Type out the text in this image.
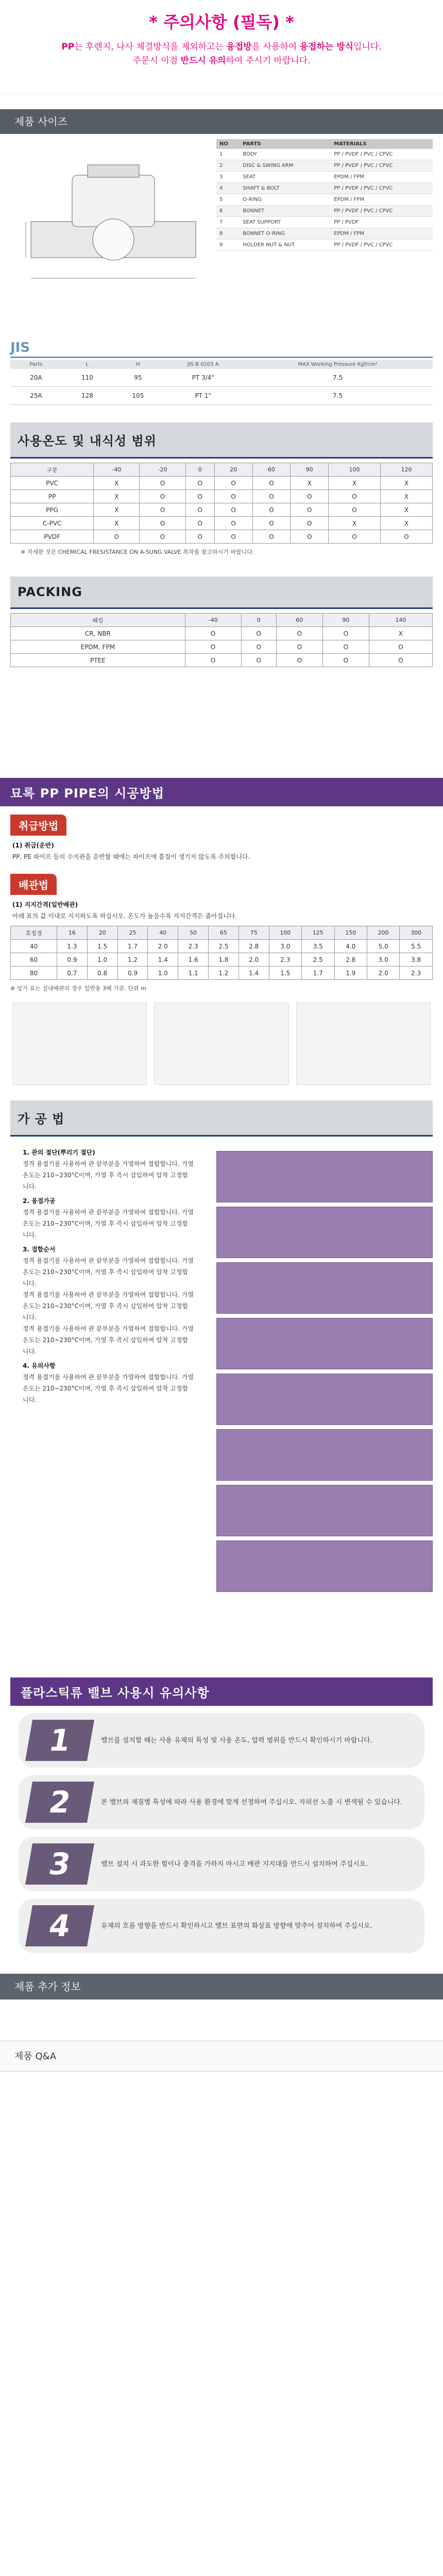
* 주의사항 (필독) *

PP는 후렌지, 나사 체결방식을 제외하고는 융접방을 사용하여 융접하는 방식입니다.

주문시 이점 반드시 유의하여 주시기 바랍니다.

제품 사이즈
NO	PARTS	MATERIALS
1	BODY	PP / PVDF / PVC / CPVC
2	DISC & SWING ARM	PP / PVDF / PVC / CPVC
3	SEAT	EPDM / FPM
4	SHAFT & BOLT	PP / PVDF / PVC / CPVC
5	O-RING	EPDM / FPM
6	BONNET	PP / PVDF / PVC / CPVC
7	SEAT SUPPORT	PP / PVDF
8	BONNET O-RING	EPDM / FPM
9	HOLDER NUT & NUT	PP / PVDF / PVC / CPVC
JIS
Parts	L	H	JIS B 0203 A	MAX Working Pressure Kgf/cm²
20A	110	95	PT 3/4"	7.5
25A	128	105	PT 1"	7.5
사용온도 및 내식성 범위
구분	-40	-20	0	20	60	90	100	120
PVC	X	O	O	O	O	X	X	X
PP	X	O	O	O	O	O	O	X
PPG	X	O	O	O	O	O	O	X
C-PVC	X	O	O	O	O	O	X	X
PVDF	O	O	O	O	O	O	O	O
※ 자세한 것은 CHEMICAL FRESISTANCE ON A-SUNG VALVE 목차를 참고하시기 바랍니다.
PACKING
패킹	-40	0	60	90	140
CR, NBR	O	O	O	O	X
EPDM, FPM	O	O	O	O	O
PTEE	O	O	O	O	O
묘록 PP PIPE의 시공방법
취급방법
(1) 취급(운반)
PP, PE 파이프 등의 수지관을 운반할 때에는 파이프에 흠집이 생기지 않도록 주의합니다.
배관법
(1) 지지간격(일반배관)
아래 표의 값 이내로 지지하도록 하십시오. 온도가 높을수록 지지간격은 좁아집니다.
호칭경	16	20	25	40	50	65	75	100	125	150	200	300
40	1.3	1.5	1.7	2.0	2.3	2.5	2.8	3.0	3.5	4.0	5.0	5.5
60	0.9	1.0	1.2	1.4	1.6	1.8	2.0	2.3	2.5	2.8	3.0	3.8
80	0.7	0.8	0.9	1.0	1.1	1.2	1.4	1.5	1.7	1.9	2.0	2.3
※ 상기 표는 설내배관의 경우 일반용 3배 기준. 단위 m
가 공 법
1. 관의 절단(뿌리기 절단)
정격 용접기를 사용하여 관 끝부분을 가열하여 접합합니다. 가열 온도는 210~230°C이며, 가열 후 즉시 삽입하여 압착 고정합니다.
2. 융접가공
정격 용접기를 사용하여 관 끝부분을 가열하여 접합합니다. 가열 온도는 210~230°C이며, 가열 후 즉시 삽입하여 압착 고정합니다.
3. 접합순서
정격 용접기를 사용하여 관 끝부분을 가열하여 접합합니다. 가열 온도는 210~230°C이며, 가열 후 즉시 삽입하여 압착 고정합니다.
정격 용접기를 사용하여 관 끝부분을 가열하여 접합합니다. 가열 온도는 210~230°C이며, 가열 후 즉시 삽입하여 압착 고정합니다.
정격 용접기를 사용하여 관 끝부분을 가열하여 접합합니다. 가열 온도는 210~230°C이며, 가열 후 즉시 삽입하여 압착 고정합니다.
4. 유의사항
정격 용접기를 사용하여 관 끝부분을 가열하여 접합합니다. 가열 온도는 210~230°C이며, 가열 후 즉시 삽입하여 압착 고정합니다.
플라스틱류 밸브 사용시 유의사항
1	밸브를 설치할 때는 사용 유체의 특성 및 사용 온도, 압력 범위를 반드시 확인하시기 바랍니다.

2	본 밸브의 재질별 특성에 따라 사용 환경에 맞게 선정하여 주십시오. 자외선 노출 시 변색될 수 있습니다.

3	밸브 설치 시 과도한 힘이나 충격을 가하지 마시고 배관 지지대를 반드시 설치하여 주십시오.

4	유체의 흐름 방향을 반드시 확인하시고 밸브 표면의 화살표 방향에 맞추어 설치하여 주십시오.

제품 추가 정보
제품 Q&A
